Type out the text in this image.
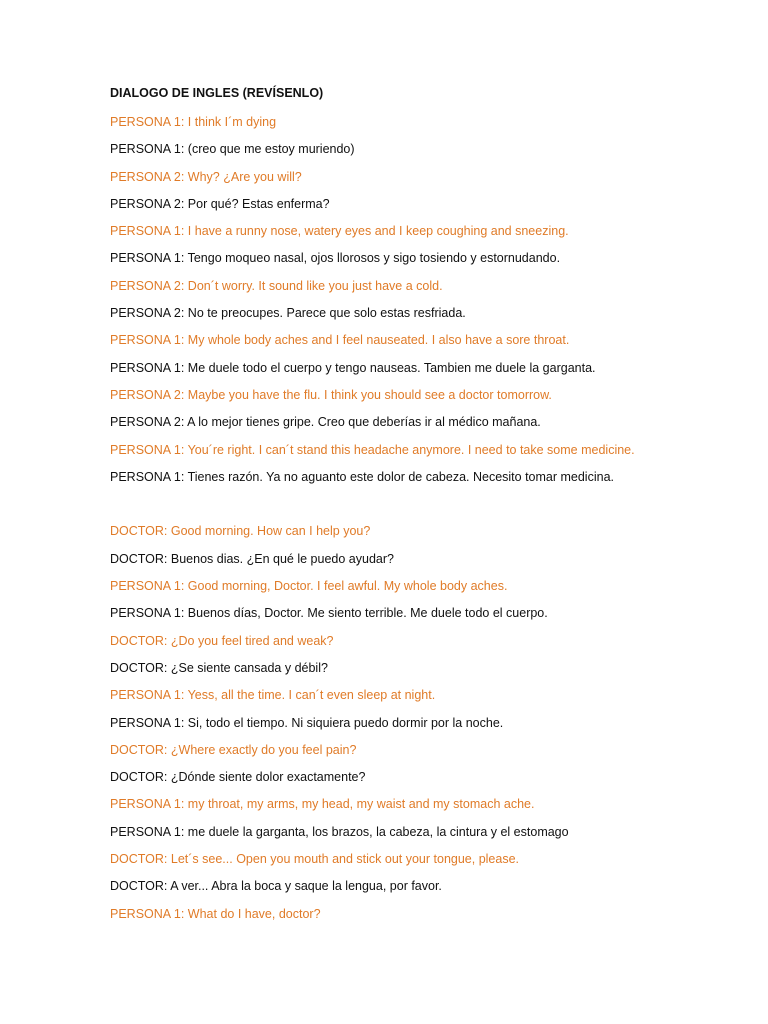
DIALOGO DE INGLES (REVÍSENLO)

PERSONA 1: I think I´m dying
PERSONA 1: (creo que me estoy muriendo)
PERSONA 2: Why? ¿Are you will?
PERSONA 2: Por qué? Estas enferma?
PERSONA 1: I have a runny nose, watery eyes and I keep coughing and sneezing.
PERSONA 1: Tengo moqueo nasal, ojos llorosos y sigo tosiendo y estornudando.
PERSONA 2: Don´t worry. It sound like you just have a cold.
PERSONA 2: No te preocupes. Parece que solo estas resfriada.
PERSONA 1: My whole body aches and I feel nauseated. I also have a sore throat.
PERSONA 1: Me duele todo el cuerpo y tengo nauseas. Tambien me duele la garganta.
PERSONA 2: Maybe you have the flu. I think you should see a doctor tomorrow.
PERSONA 2: A lo mejor tienes gripe. Creo que deberías ir al médico mañana.
PERSONA 1: You´re right. I can´t stand this headache anymore. I need to take some medicine.
PERSONA 1: Tienes razón. Ya no aguanto este dolor de cabeza. Necesito tomar medicina.
DOCTOR: Good morning. How can I help you?
DOCTOR: Buenos dias. ¿En qué le puedo ayudar?
PERSONA 1: Good morning, Doctor. I feel awful. My whole body aches.
PERSONA 1: Buenos días, Doctor. Me siento terrible. Me duele todo el cuerpo.
DOCTOR: ¿Do you feel tired and weak?
DOCTOR: ¿Se siente cansada y débil?
PERSONA 1: Yess, all the time. I can´t even sleep at night.
PERSONA 1: Si, todo el tiempo. Ni siquiera puedo dormir por la noche.
DOCTOR: ¿Where exactly do you feel pain?
DOCTOR: ¿Dónde siente dolor exactamente?
PERSONA 1: my throat, my arms, my head, my waist and my stomach ache.
PERSONA 1: me duele la garganta, los brazos, la cabeza, la cintura y el estomago
DOCTOR: Let´s see... Open you mouth and stick out your tongue, please.
DOCTOR: A ver... Abra la boca y saque la lengua, por favor.
PERSONA 1: What do I have, doctor?
